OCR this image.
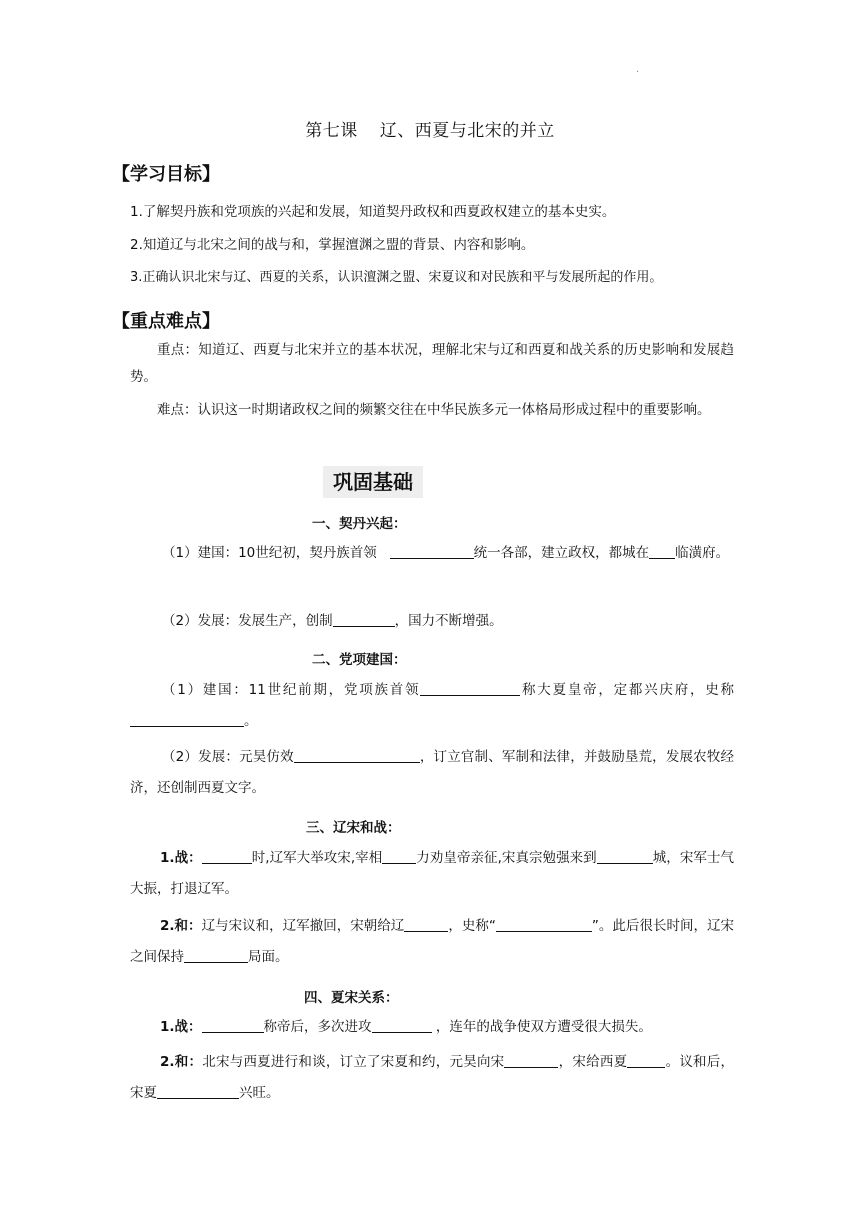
.
第七课 辽、西夏与北宋的并立
【学习目标】
1.了解契丹族和党项族的兴起和发展，知道契丹政权和西夏政权建立的基本史实。
2.知道辽与北宋之间的战与和，掌握澶渊之盟的背景、内容和影响。
3.正确认识北宋与辽、西夏的关系，认识澶渊之盟、宋夏议和对民族和平与发展所起的作用。
【重点难点】
重点：知道辽、西夏与北宋并立的基本状况，理解北宋与辽和西夏和战关系的历史影响和发展趋势。
难点：认识这一时期诸政权之间的频繁交往在中华民族多元一体格局形成过程中的重要影响。
巩固基础
一、契丹兴起：
（1）建国：10世纪初，契丹族首领	统一各部，建立政权，都城在 临潢府。
（2）发展：发展生产，创制	，国力不断增强。
二、党项建国：
（1）建国：11世纪前期，党项族首领	称大夏皇帝，定都兴庆府，史称。
（2）发展：元昊仿效	，订立官制、军制和法律，并鼓励垦荒，发展农牧经济，还创制西夏文字。
三、辽宋和战：
1.战：	时,辽军大举攻宋,宰相	力劝皇帝亲征,宋真宗勉强来到	城，宋军士气大振，打退辽军。
2.和：辽与宋议和，辽军撤回，宋朝给辽	，史称“	”。此后很长时间，辽宋之间保持	局面。
四、夏宋关系：
1.战：	称帝后，多次进攻	，连年的战争使双方遭受很大损失。
2.和：北宋与西夏进行和谈，订立了宋夏和约，元昊向宋	，宋给西夏	。议和后，宋夏	兴旺。
